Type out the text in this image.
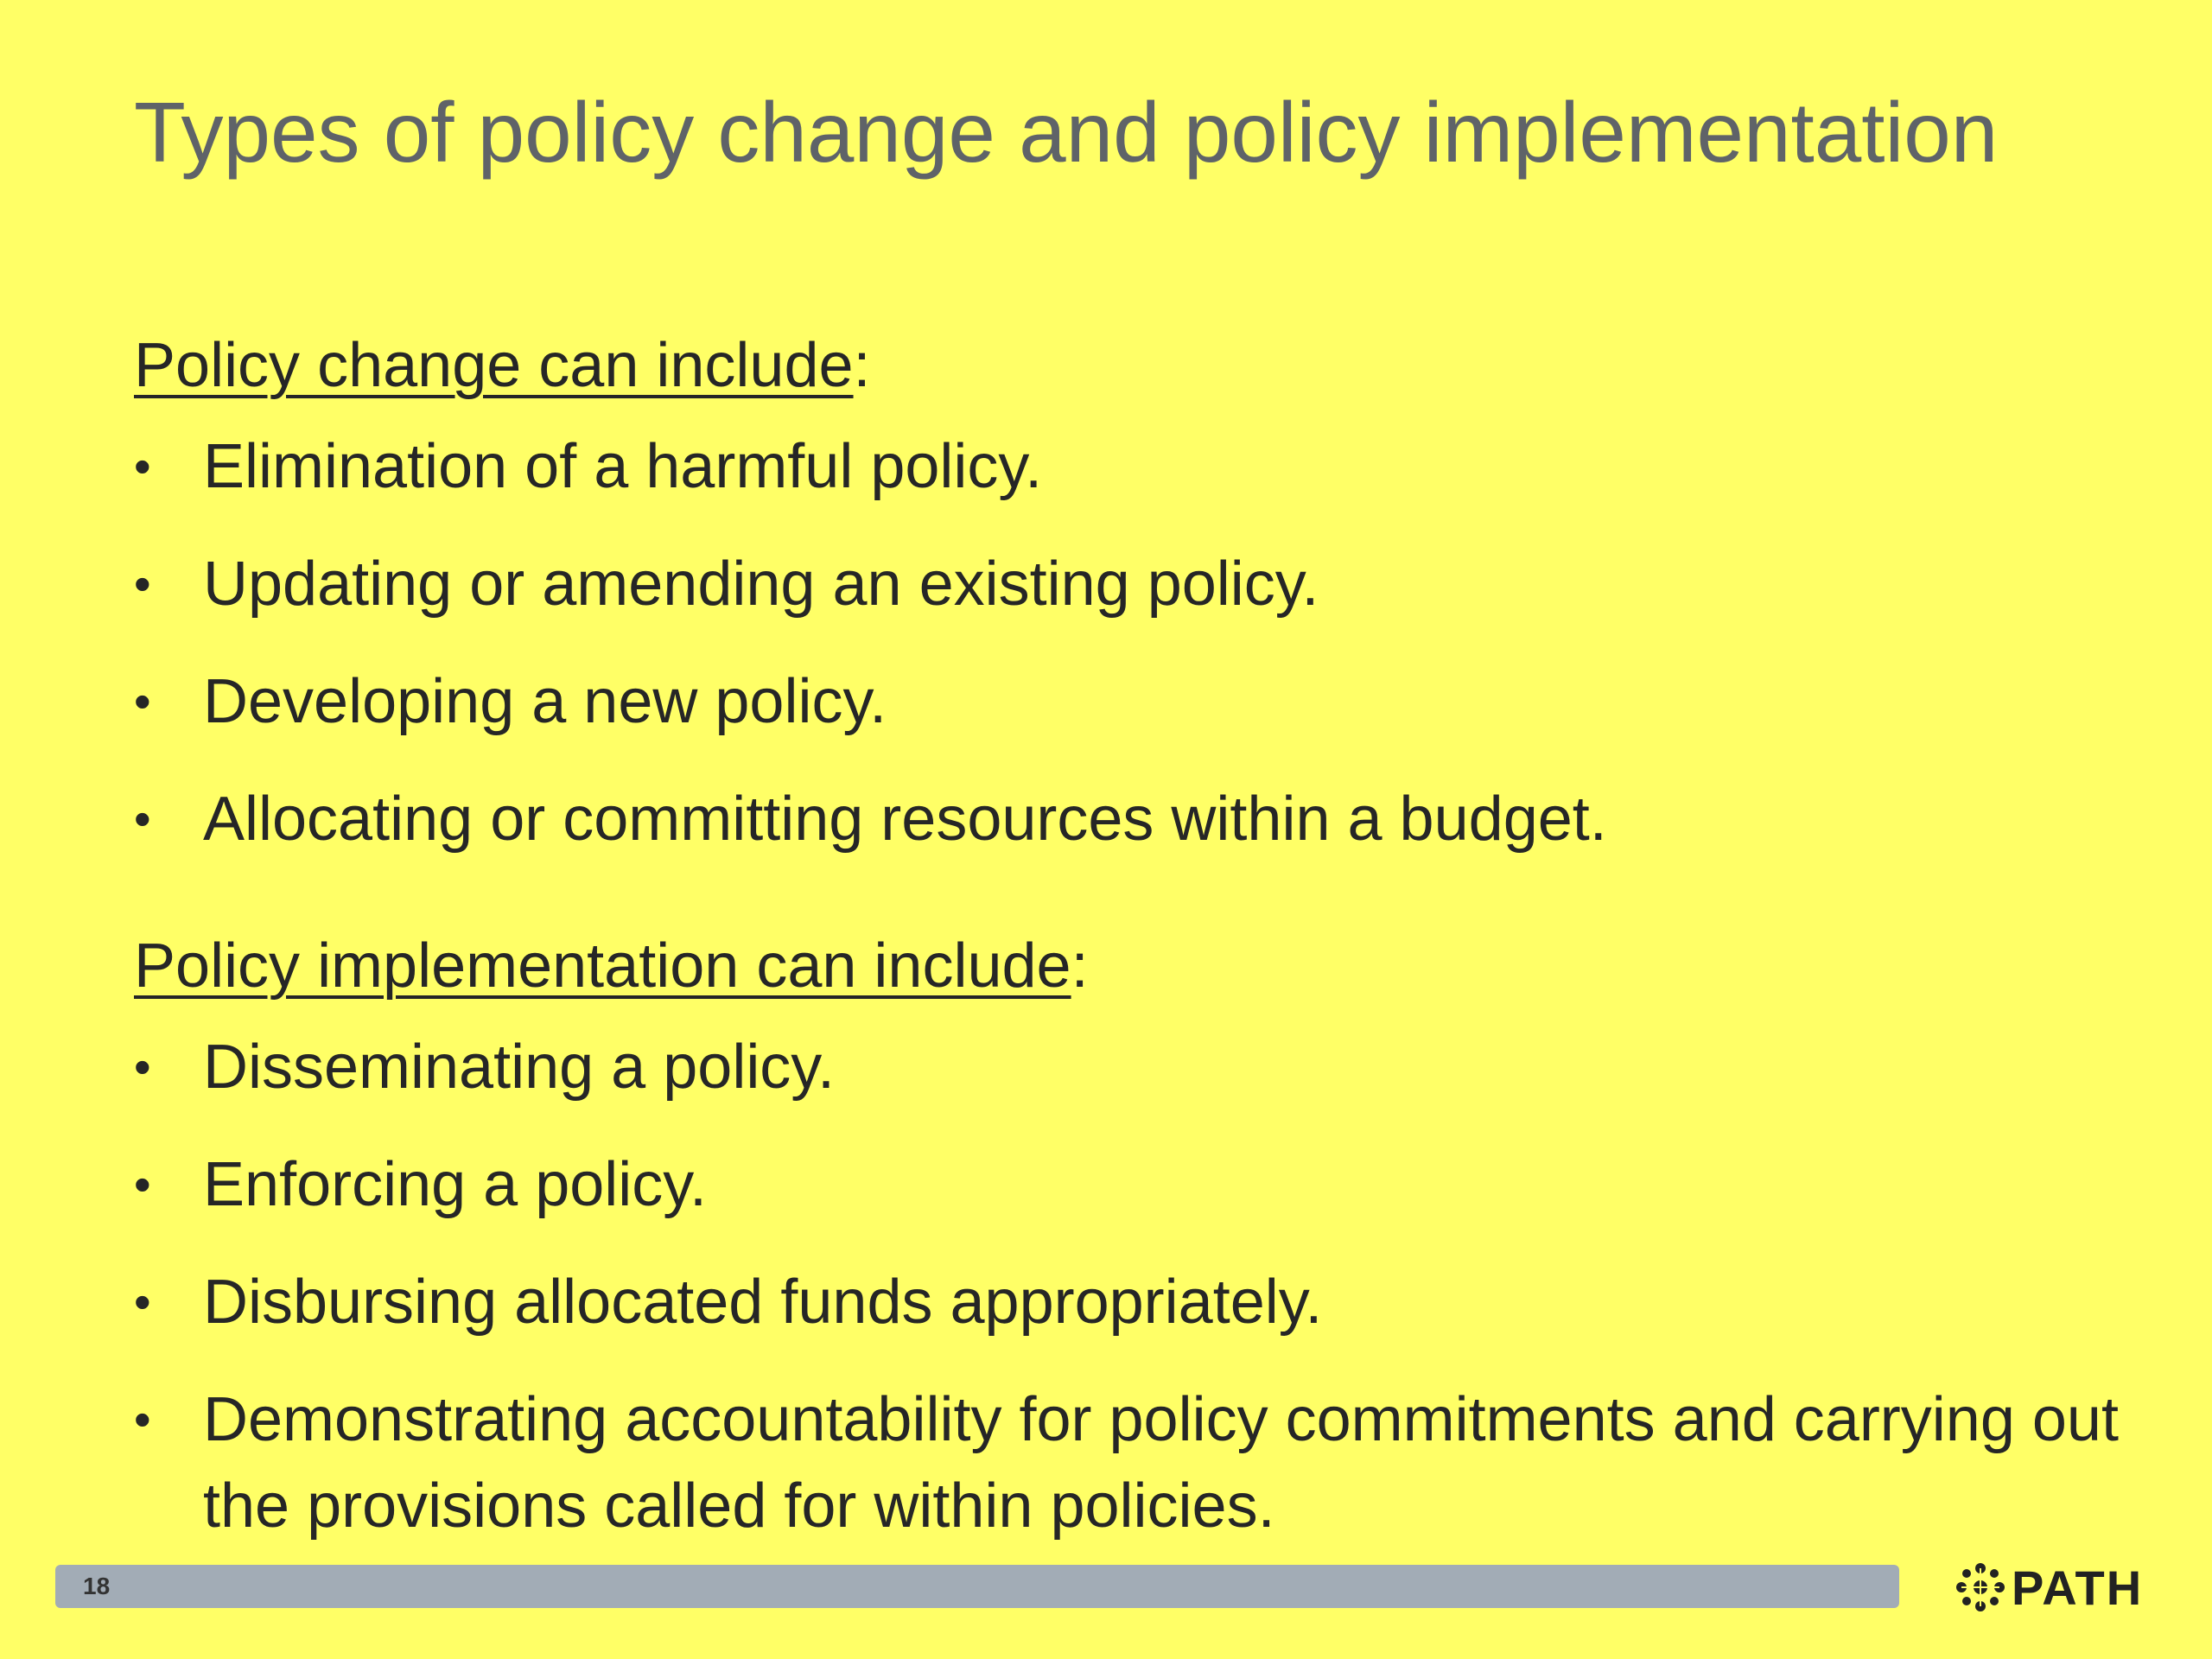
Types of policy change and policy implementation
Policy change can include:
• Elimination of a harmful policy.
• Updating or amending an existing policy.
• Developing a new policy.
• Allocating or committing resources within a budget.
Policy implementation can include:
• Disseminating a policy.
• Enforcing a policy.
• Disbursing allocated funds appropriately.
• Demonstrating accountability for policy commitments and carrying out the provisions called for within policies.
18	PATH
